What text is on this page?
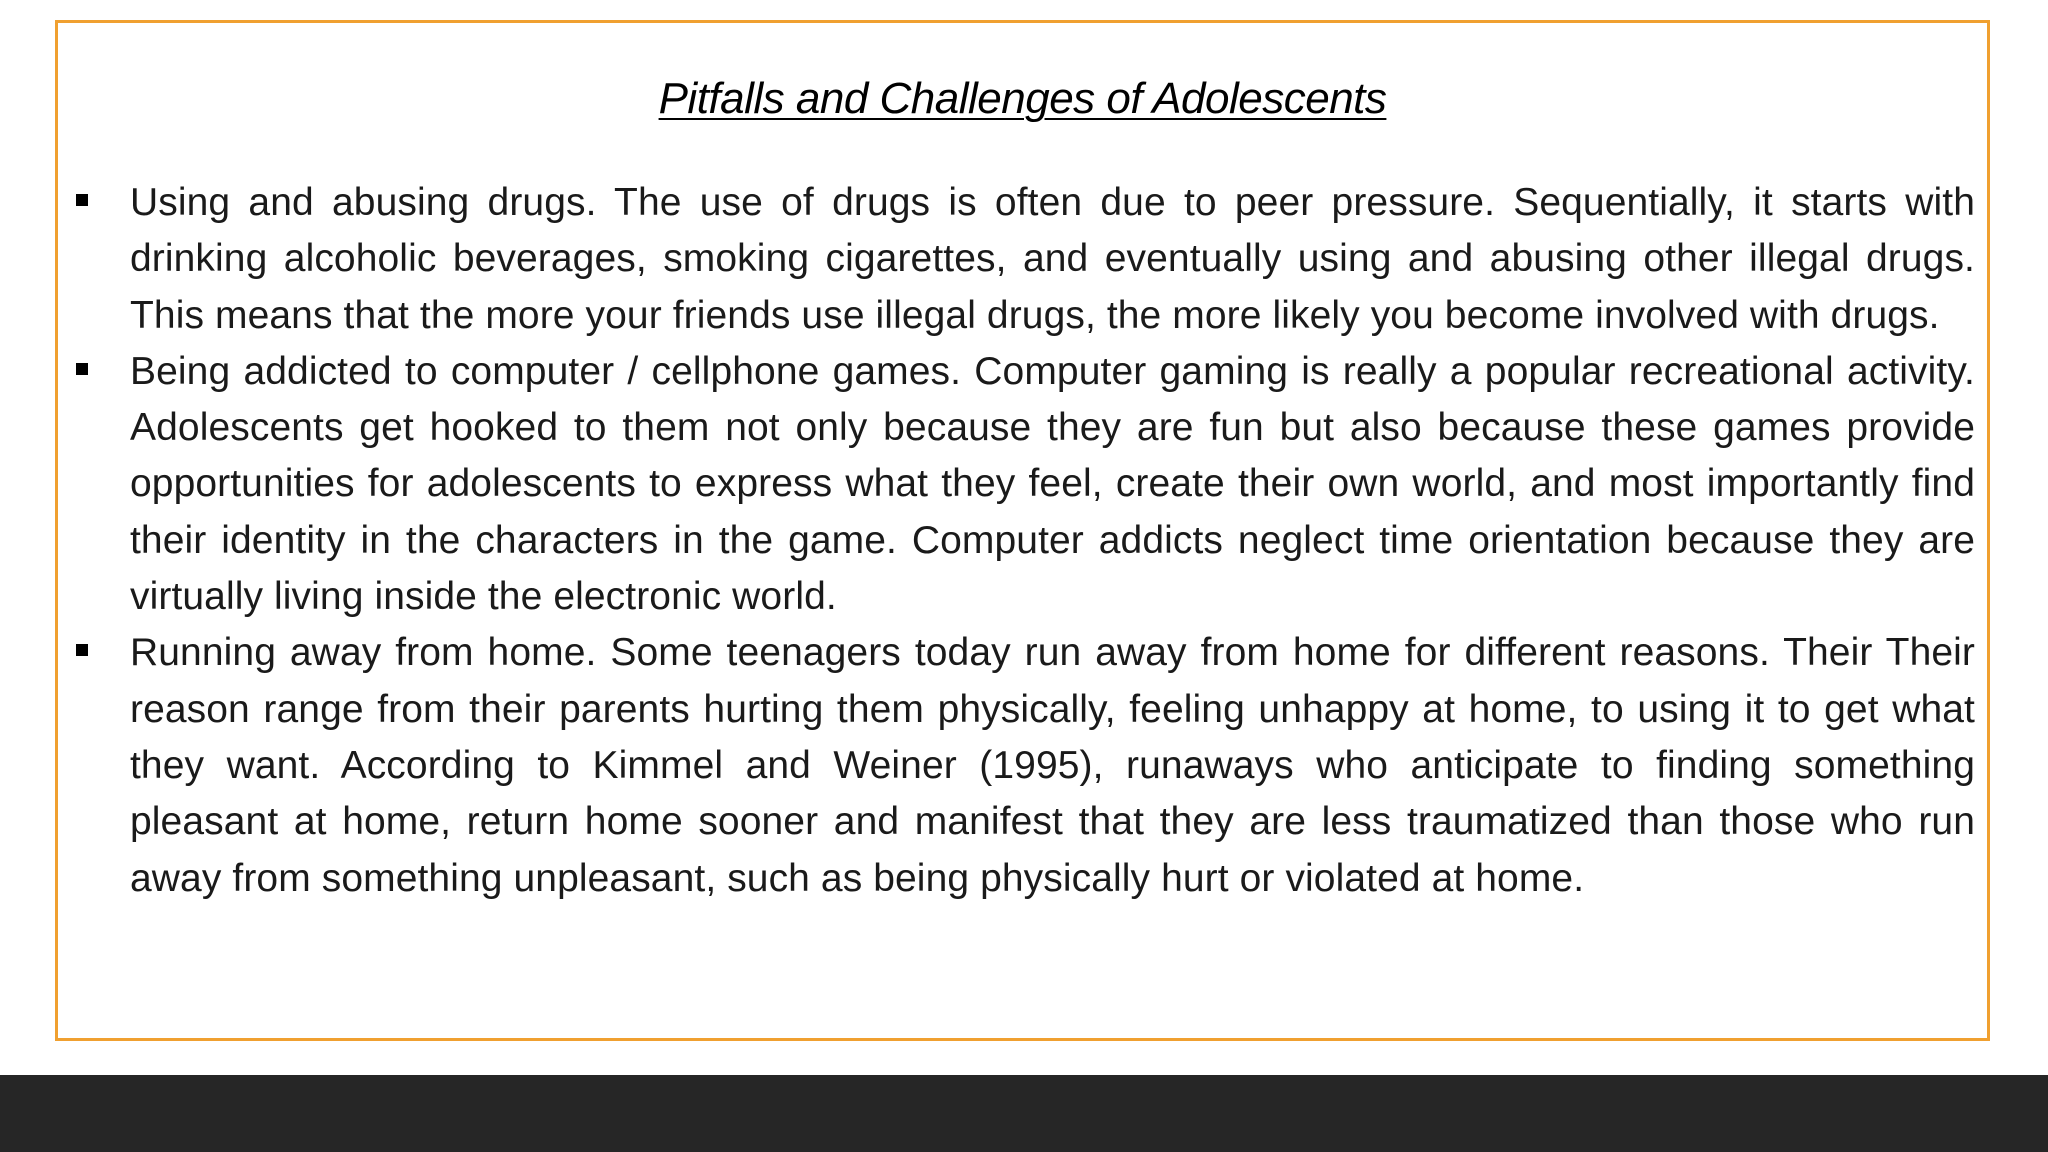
Pitfalls and Challenges of Adolescents
Using and abusing drugs. The use of drugs is often due to peer pressure. Sequentially, it starts with drinking alcoholic beverages, smoking cigarettes, and eventually using and abusing other illegal drugs. This means that the more your friends use illegal drugs, the more likely you become involved with drugs.
Being addicted to computer / cellphone games. Computer gaming is really a popular recreational activity. Adolescents get hooked to them not only because they are fun but also because these games provide opportunities for adolescents to express what they feel, create their own world, and most importantly find their identity in the characters in the game. Computer addicts neglect time orientation because they are virtually living inside the electronic world.
Running away from home. Some teenagers today run away from home for different reasons. Their Their reason range from their parents hurting them physically, feeling unhappy at home, to using it to get what they want. According to Kimmel and Weiner (1995), runaways who anticipate to finding something pleasant at home, return home sooner and manifest that they are less traumatized than those who run away from something unpleasant, such as being physically hurt or violated at home.
